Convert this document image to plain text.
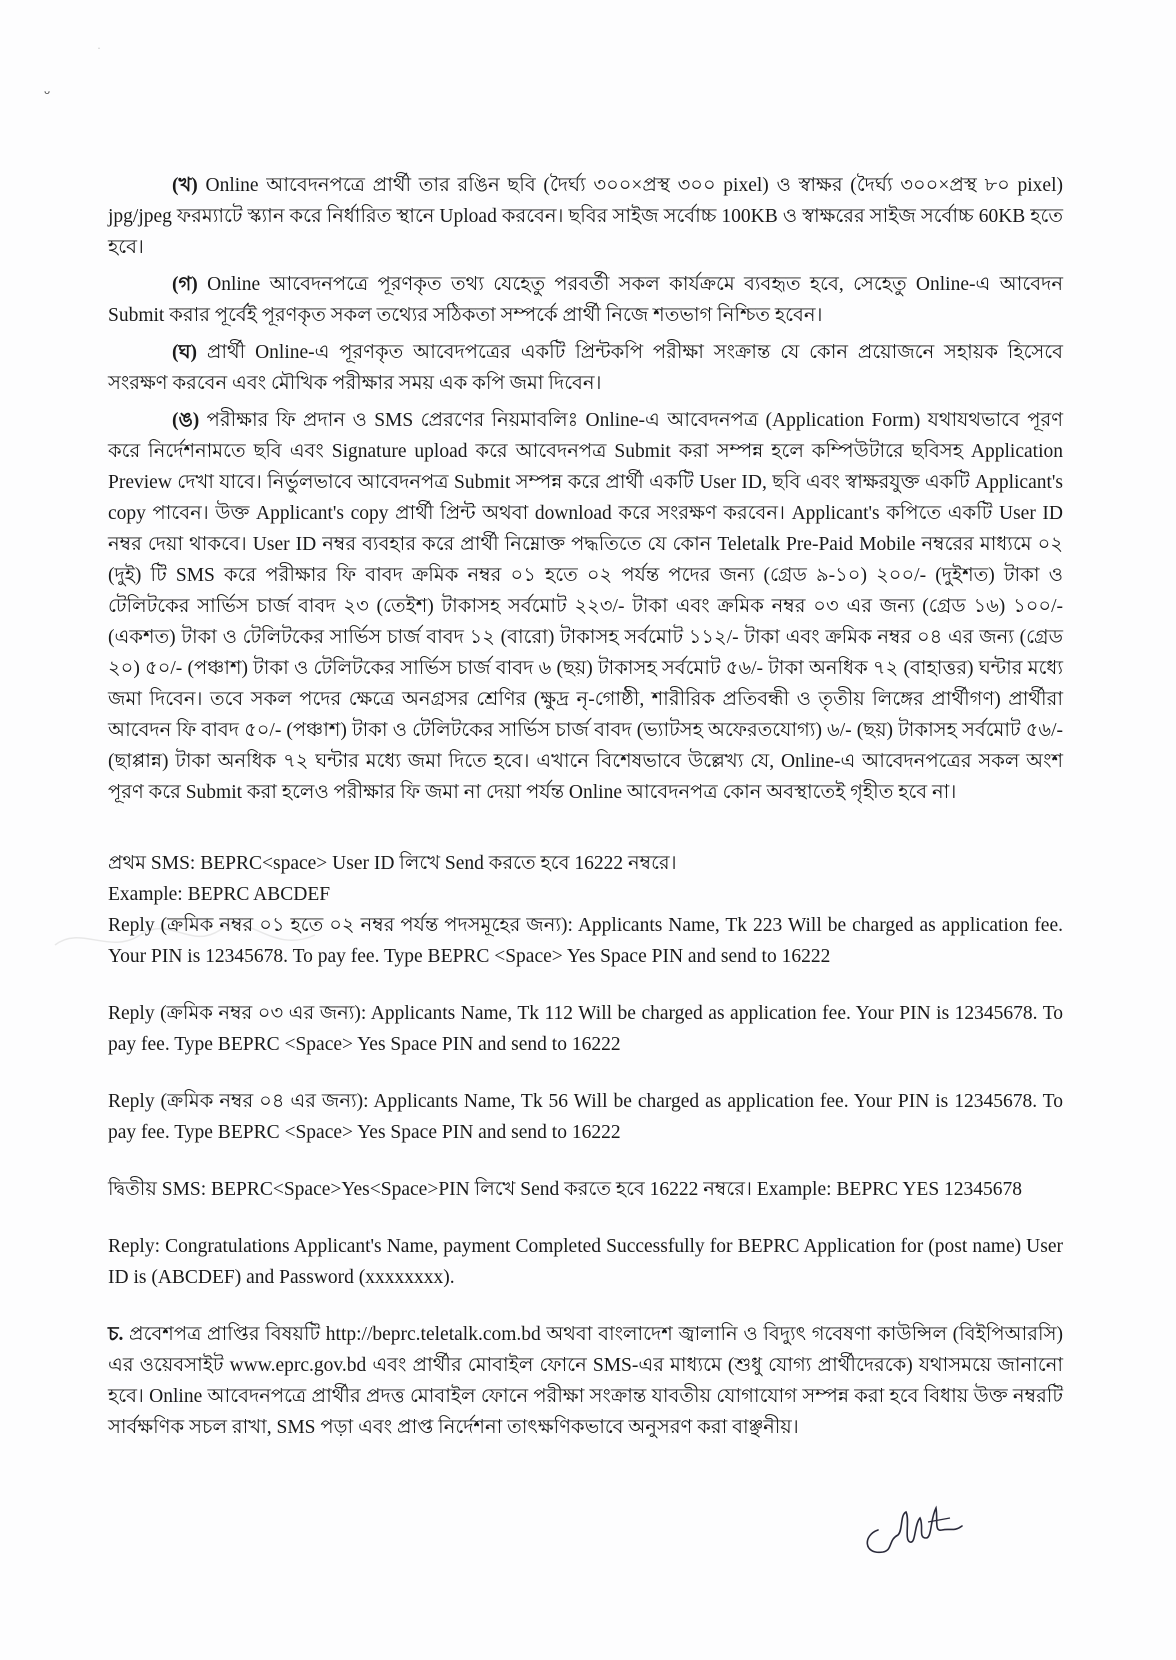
ᴗ

(খ) Online আবেদনপত্রে প্রার্থী তার রঙিন ছবি (দৈর্ঘ্য ৩০০×প্রস্থ ৩০০ pixel) ও স্বাক্ষর (দৈর্ঘ্য ৩০০×প্রস্থ ৮০ pixel) jpg/jpeg ফরম্যাটে স্ক্যান করে নির্ধারিত স্থানে Upload করবেন। ছবির সাইজ সর্বোচ্চ 100KB ও স্বাক্ষরের সাইজ সর্বোচ্চ 60KB হতে হবে।

(গ) Online আবেদনপত্রে পূরণকৃত তথ্য যেহেতু পরবর্তী সকল কার্যক্রমে ব্যবহৃত হবে, সেহেতু Online-এ আবেদন Submit করার পূর্বেই পূরণকৃত সকল তথ্যের সঠিকতা সম্পর্কে প্রার্থী নিজে শতভাগ নিশ্চিত হবেন।

(ঘ) প্রার্থী Online-এ পূরণকৃত আবেদপত্রের একটি প্রিন্টকপি পরীক্ষা সংক্রান্ত যে কোন প্রয়োজনে সহায়ক হিসেবে সংরক্ষণ করবেন এবং মৌখিক পরীক্ষার সময় এক কপি জমা দিবেন।

(ঙ) পরীক্ষার ফি প্রদান ও SMS প্রেরণের নিয়মাবলিঃ Online-এ আবেদনপত্র (Application Form) যথাযথভাবে পূরণ করে নির্দেশনামতে ছবি এবং Signature upload করে আবেদনপত্র Submit করা সম্পন্ন হলে কম্পিউটারে ছবিসহ Application Preview দেখা যাবে। নির্ভুলভাবে আবেদনপত্র Submit সম্পন্ন করে প্রার্থী একটি User ID, ছবি এবং স্বাক্ষরযুক্ত একটি Applicant's copy পাবেন। উক্ত Applicant's copy প্রার্থী প্রিন্ট অথবা download করে সংরক্ষণ করবেন। Applicant's কপিতে একটি User ID নম্বর দেয়া থাকবে। User ID নম্বর ব্যবহার করে প্রার্থী নিম্নোক্ত পদ্ধতিতে যে কোন Teletalk Pre-Paid Mobile নম্বরের মাধ্যমে ০২ (দুই) টি SMS করে পরীক্ষার ফি বাবদ ক্রমিক নম্বর ০১ হতে ০২ পর্যন্ত পদের জন্য (গ্রেড ৯-১০) ২০০/- (দুইশত) টাকা ও টেলিটকের সার্ভিস চার্জ বাবদ ২৩ (তেইশ) টাকাসহ সর্বমোট ২২৩/- টাকা এবং ক্রমিক নম্বর ০৩ এর জন্য (গ্রেড ১৬) ১০০/- (একশত) টাকা ও টেলিটকের সার্ভিস চার্জ বাবদ ১২ (বারো) টাকাসহ সর্বমোট ১১২/- টাকা এবং ক্রমিক নম্বর ০৪ এর জন্য (গ্রেড ২০) ৫০/- (পঞ্চাশ) টাকা ও টেলিটকের সার্ভিস চার্জ বাবদ ৬ (ছয়) টাকাসহ সর্বমোট ৫৬/- টাকা অনধিক ৭২ (বাহাত্তর) ঘন্টার মধ্যে জমা দিবেন। তবে সকল পদের ক্ষেত্রে অনগ্রসর শ্রেণির (ক্ষুদ্র নৃ-গোষ্ঠী, শারীরিক প্রতিবন্ধী ও তৃতীয় লিঙ্গের প্রার্থীগণ) প্রার্থীরা আবেদন ফি বাবদ ৫০/- (পঞ্চাশ) টাকা ও টেলিটকের সার্ভিস চার্জ বাবদ (ভ্যাটসহ অফেরতযোগ্য) ৬/- (ছয়) টাকাসহ সর্বমোট ৫৬/- (ছাপ্পান্ন) টাকা অনধিক ৭২ ঘন্টার মধ্যে জমা দিতে হবে। এখানে বিশেষভাবে উল্লেখ্য যে, Online-এ আবেদনপত্রের সকল অংশ পূরণ করে Submit করা হলেও পরীক্ষার ফি জমা না দেয়া পর্যন্ত Online আবেদনপত্র কোন অবস্থাতেই গৃহীত হবে না।

প্রথম SMS: BEPRC<space> User ID লিখে Send করতে হবে 16222 নম্বরে।

Example: BEPRC ABCDEF

Reply (ক্রমিক নম্বর ০১ হতে ০২ নম্বর পর্যন্ত পদসমূহের জন্য): Applicants Name, Tk 223 Will be charged as application fee. Your PIN is 12345678. To pay fee. Type BEPRC <Space> Yes Space PIN and send to 16222

Reply (ক্রমিক নম্বর ০৩ এর জন্য): Applicants Name, Tk 112 Will be charged as application fee. Your PIN is 12345678. To pay fee. Type BEPRC <Space> Yes Space PIN and send to 16222

Reply (ক্রমিক নম্বর ০৪ এর জন্য): Applicants Name, Tk 56 Will be charged as application fee. Your PIN is 12345678. To pay fee. Type BEPRC <Space> Yes Space PIN and send to 16222

দ্বিতীয় SMS: BEPRC<Space>Yes<Space>PIN লিখে Send করতে হবে 16222 নম্বরে। Example: BEPRC YES 12345678

Reply: Congratulations Applicant's Name, payment Completed Successfully for BEPRC Application for (post name) User ID is (ABCDEF) and Password (xxxxxxxx).

চ. প্রবেশপত্র প্রাপ্তির বিষয়টি http://beprc.teletalk.com.bd অথবা বাংলাদেশ জ্বালানি ও বিদ্যুৎ গবেষণা কাউন্সিল (বিইপিআরসি) এর ওয়েবসাইট www.eprc.gov.bd এবং প্রার্থীর মোবাইল ফোনে SMS-এর মাধ্যমে (শুধু যোগ্য প্রার্থীদেরকে) যথাসময়ে জানানো হবে। Online আবেদনপত্রে প্রার্থীর প্রদত্ত মোবাইল ফোনে পরীক্ষা সংক্রান্ত যাবতীয় যোগাযোগ সম্পন্ন করা হবে বিধায় উক্ত নম্বরটি সার্বক্ষণিক সচল রাখা, SMS পড়া এবং প্রাপ্ত নির্দেশনা তাৎক্ষণিকভাবে অনুসরণ করা বাঞ্ছনীয়।
